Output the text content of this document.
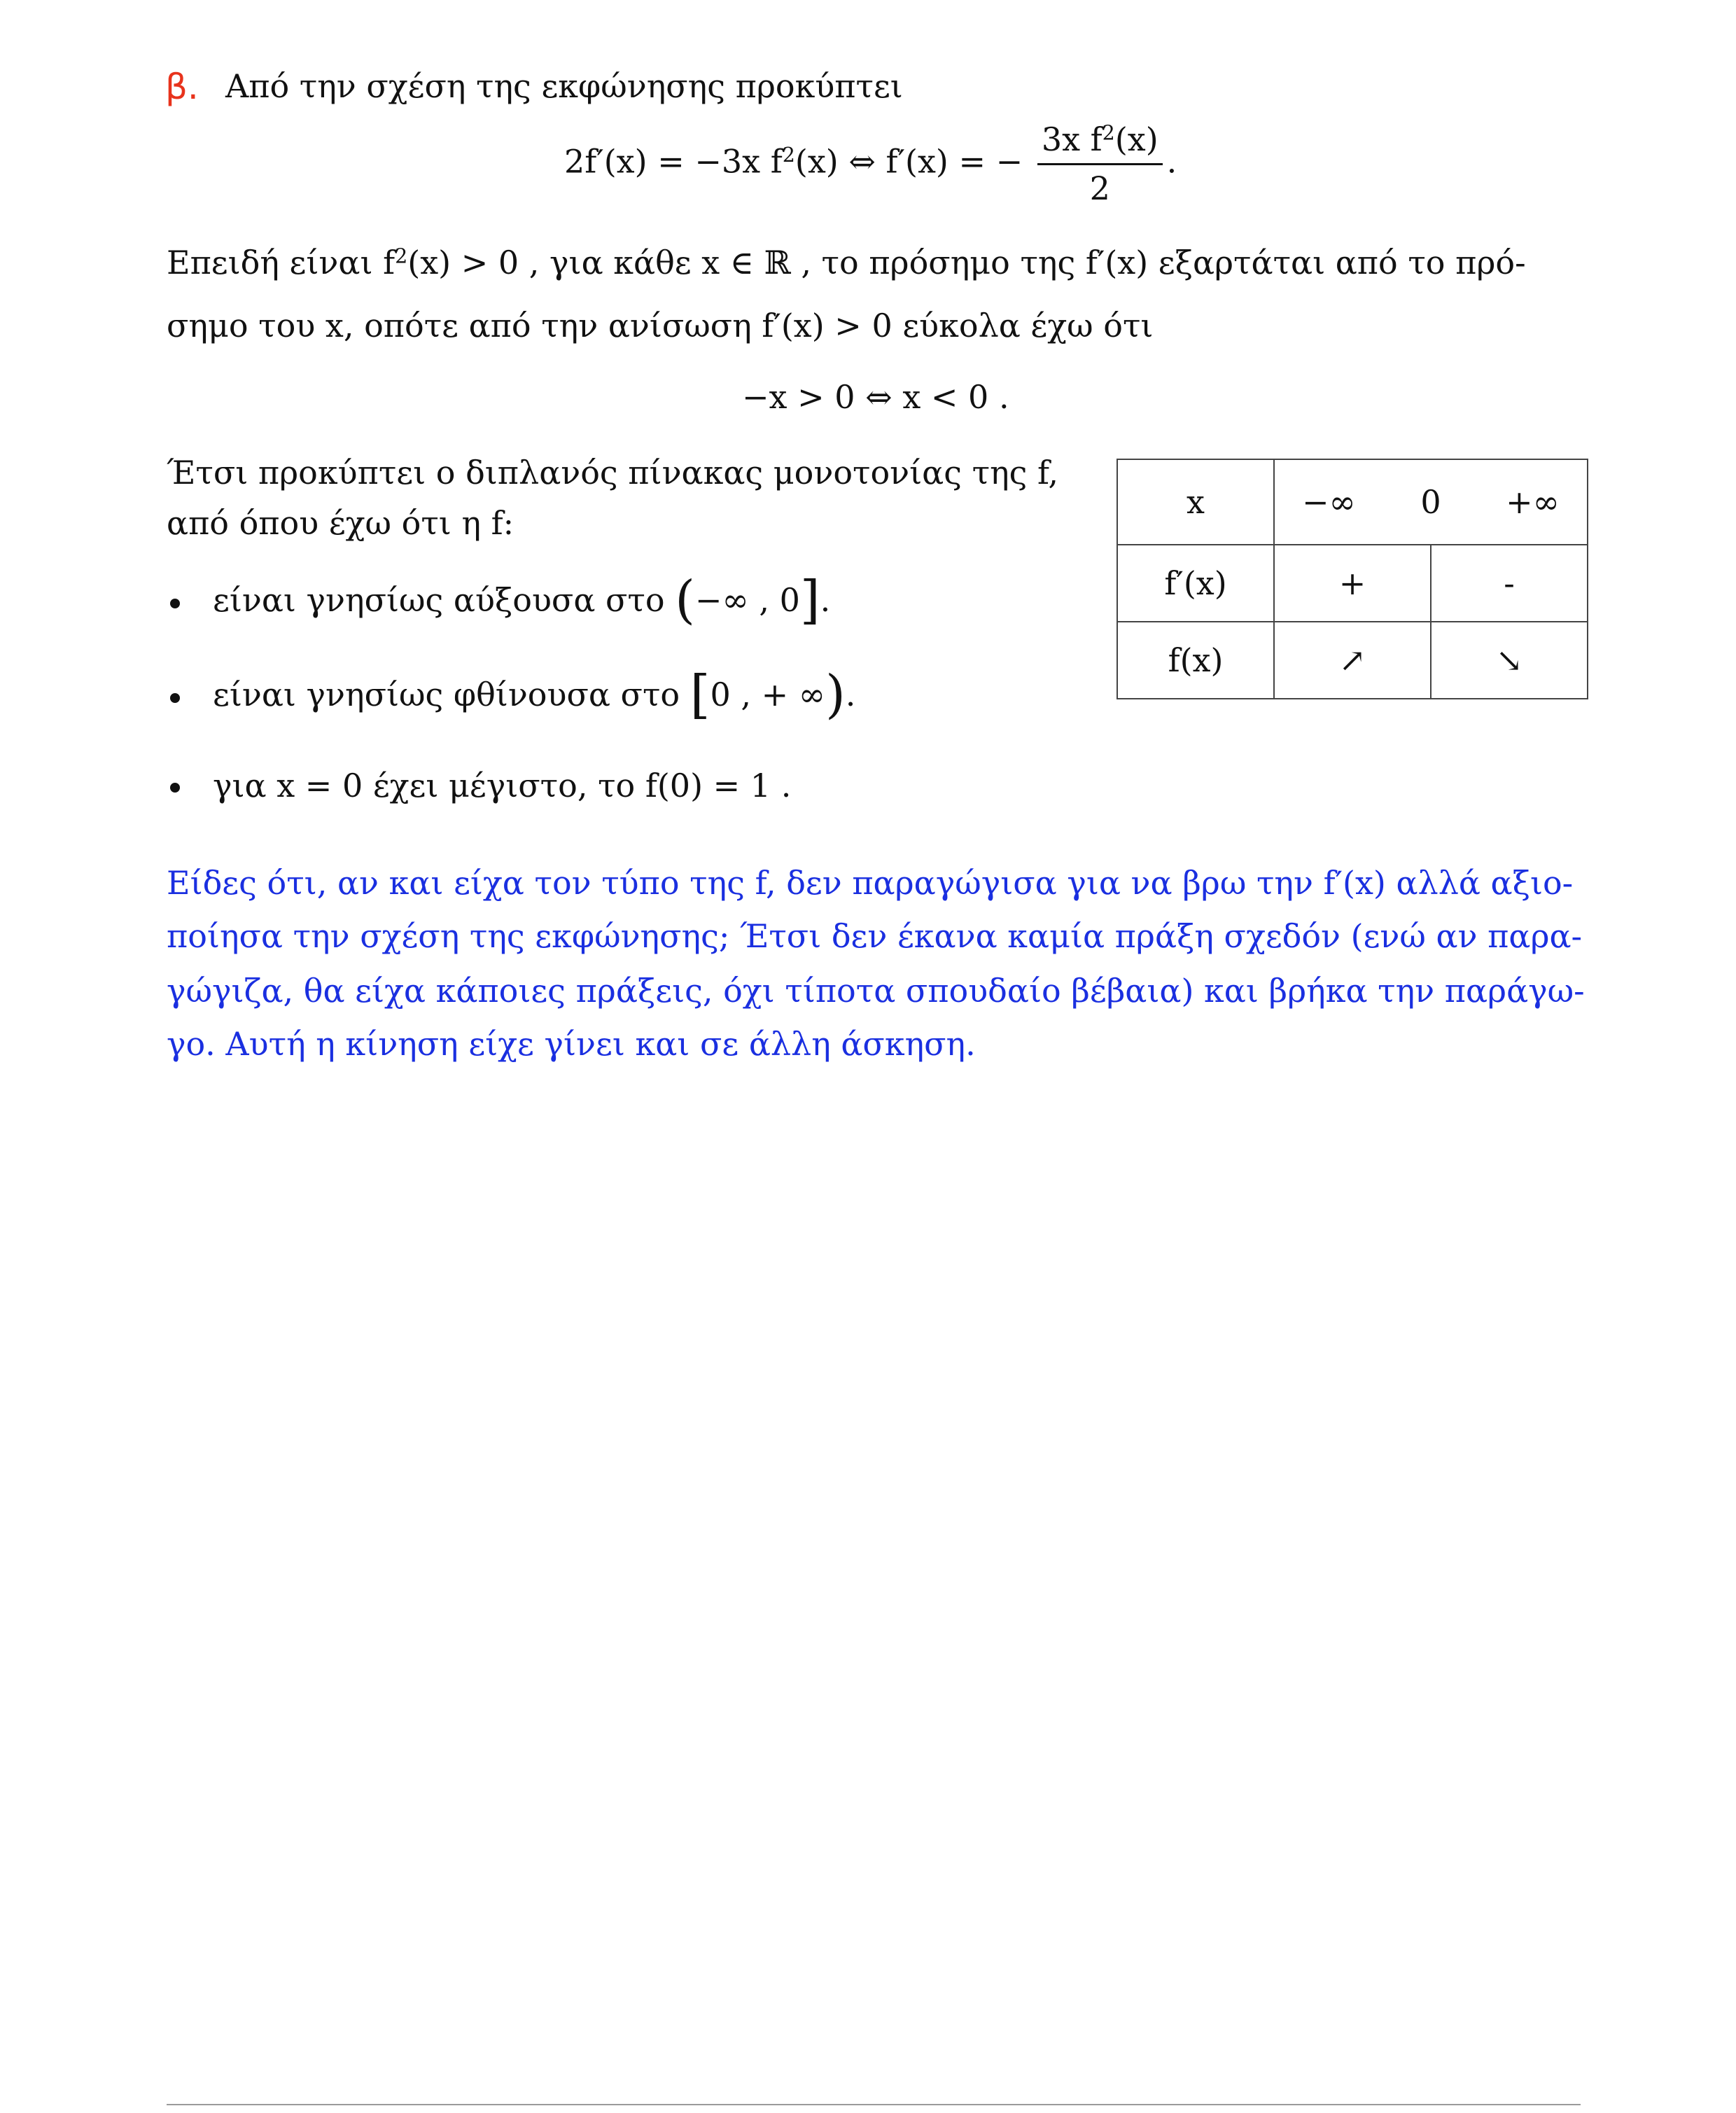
β. Από την σχέση της εκφώνησης προκύπτει
2f′(x) = −3x $f^2(x)$ ⇔ f′(x) = − $\frac{3x f^2(x)}{2}$ .
Επειδή είναι $f^2(x) > 0$ , για κάθε x ∈ ℝ , το πρόσημο της f′(x) εξαρτάται από το πρό-
σημο του x, οπότε από την ανίσωση f′(x) > 0 εύκολα έχω ότι
−x > 0 ⇔ x < 0 .
Έτσι προκύπτει ο διπλανός πίνακας μονοτονίας της f,
από όπου έχω ότι η f:
είναι γνησίως αύξουσα στο (−∞ , 0].
είναι γνησίως φθίνουσα στο [0 , + ∞).
για x = 0 έχει μέγιστο, το f(0) = 1 .
x	−∞ 0 +∞	

f′(x)	+	-
f(x)	↗	↘
Είδες ότι, αν και είχα τον τύπο της f, δεν παραγώγισα για να βρω την f′(x) αλλά αξιο-
ποίησα την σχέση της εκφώνησης; Έτσι δεν έκανα καμία πράξη σχεδόν (ενώ αν παρα-
γώγιζα, θα είχα κάποιες πράξεις, όχι τίποτα σπουδαίο βέβαια) και βρήκα την παράγω-
γο. Αυτή η κίνηση είχε γίνει και σε άλλη άσκηση.
